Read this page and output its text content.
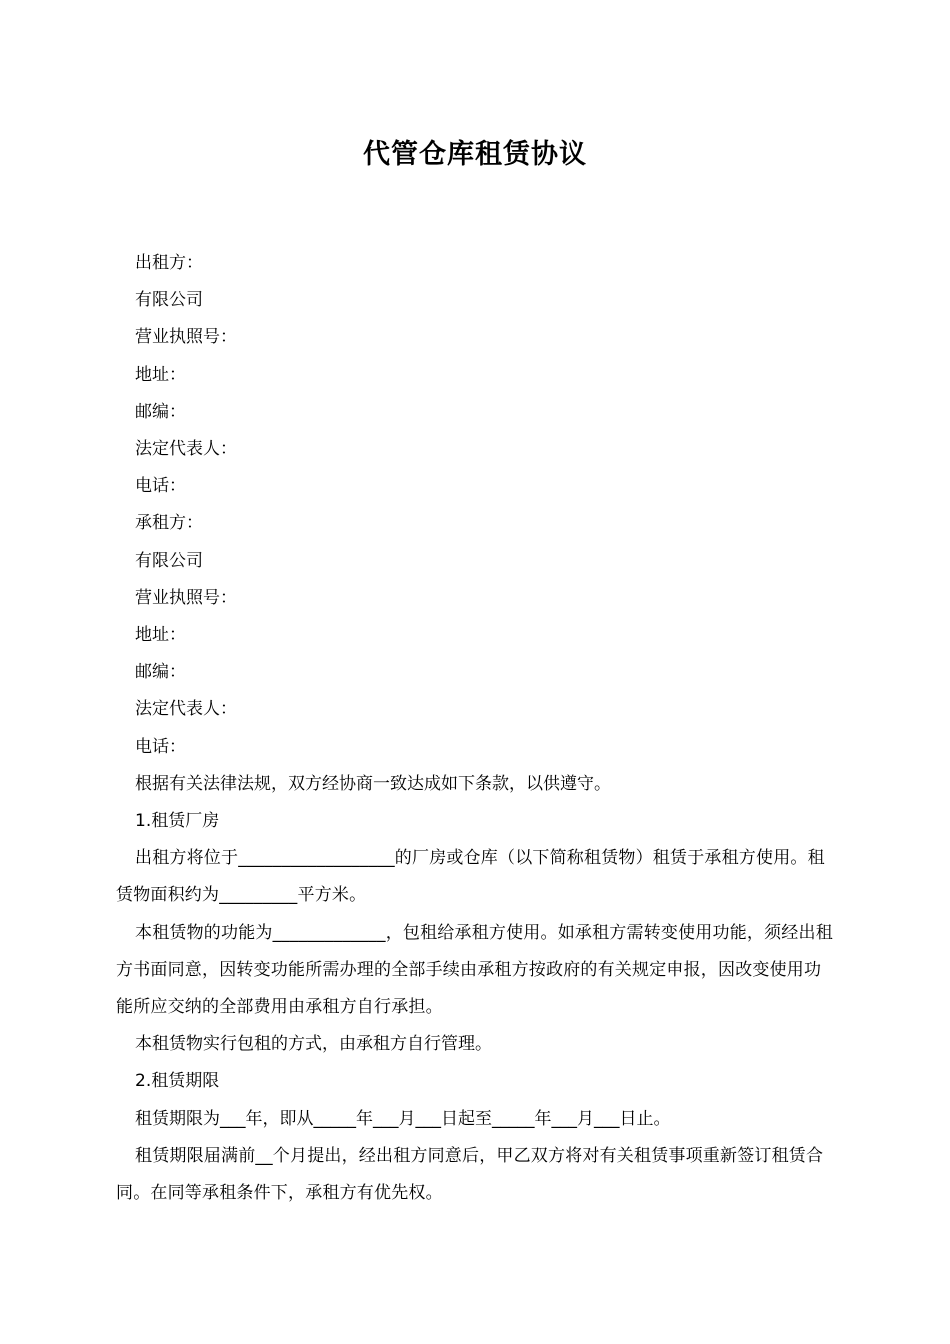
代管仓库租赁协议

出租方：

有限公司

营业执照号：

地址：

邮编：

法定代表人：

电话：

承租方：

有限公司

营业执照号：

地址：

邮编：

法定代表人：

电话：

根据有关法律法规，双方经协商一致达成如下条款，以供遵守。

1.租赁厂房

出租方将位于__________________的厂房或仓库（以下简称租赁物）租赁于承租方使用。租赁物面积约为_________平方米。

本租赁物的功能为_____________，包租给承租方使用。如承租方需转变使用功能，须经出租方书面同意，因转变功能所需办理的全部手续由承租方按政府的有关规定申报，因改变使用功能所应交纳的全部费用由承租方自行承担。

本租赁物实行包租的方式，由承租方自行管理。

2.租赁期限

租赁期限为___年，即从_____年___月___日起至_____年___月___日止。

租赁期限届满前__个月提出，经出租方同意后，甲乙双方将对有关租赁事项重新签订租赁合同。在同等承租条件下，承租方有优先权。
